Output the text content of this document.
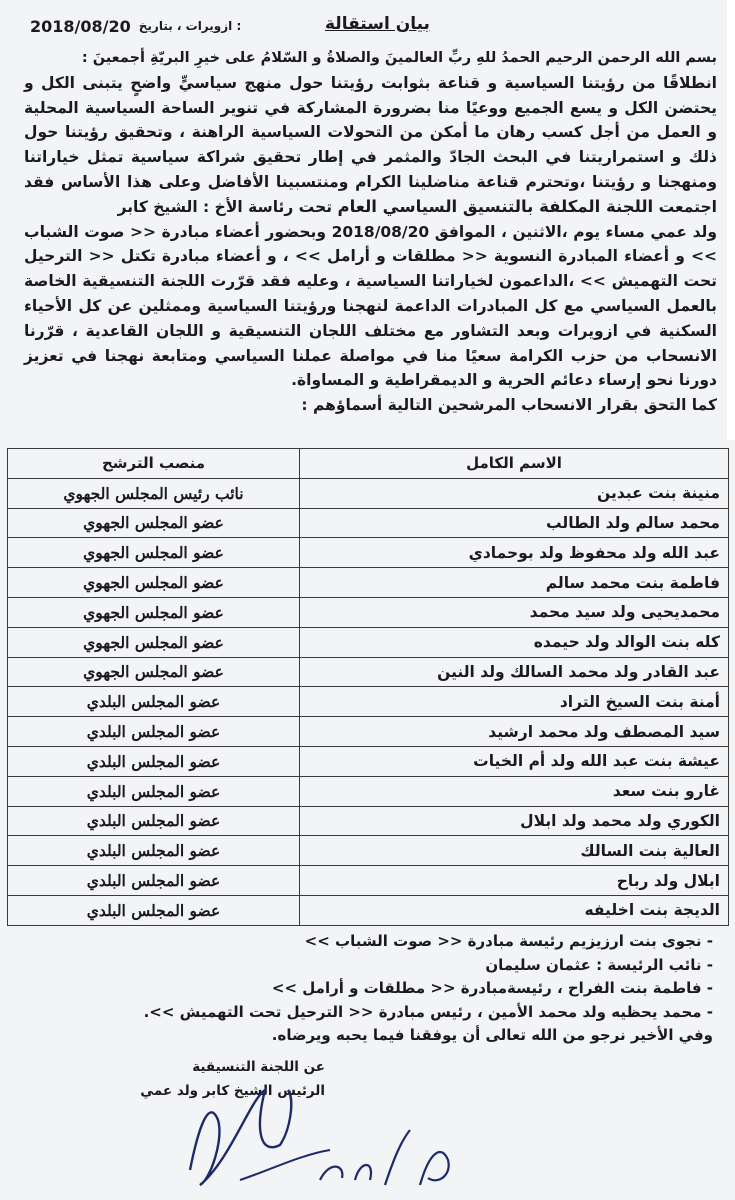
2018/08/20 ازويرات ، بتاريخ :	بيان استقالة

بسم الله الرحمن الرحيم الحمدُ للهِ ربِّ العالمينَ والصلاةُ و السّلامُ على خيرِ البريّةِ أجمعينَ :

انطلاقًا من رؤيتنا السياسية و قناعة بثوابت رؤيتنا حول منهج سياسيٍّ واضحٍ يتبنى الكل و يحتضن الكل و يسع الجميع ووعيًا منا بضرورة المشاركة في تنوير الساحة السياسية المحلية و العمل من أجل كسب رهان ما أمكن من التحولات السياسية الراهنة ، وتحقيق رؤيتنا حول ذلك و استمراريتنا في البحث الجادّ والمثمر في إطار تحقيق شراكة سياسية تمثل خياراتنا ومنهجنا و رؤيتنا ،وتحترم قناعة مناضلينا الكرام ومنتسبينا الأفاضل وعلى هذا الأساس فقد اجتمعت اللجنة المكلفة بالتنسيق السياسي العام تحت رئاسة الأخ : الشيخ كابر

ولد عمي مساء يوم ،الاثنين ، الموافق 2018/08/20 وبحضور أعضاء مبادرة << صوت الشباب >> و أعضاء المبادرة النسوية << مطلقات و أرامل >> ، و أعضاء مبادرة تكتل << الترحيل تحت التهميش >> ،الداعمون لخياراتنا السياسية ، وعليه فقد قرّرت اللجنة التنسيقية الخاصة بالعمل السياسي مع كل المبادرات الداعمة لنهجنا ورؤيتنا السياسية وممثلين عن كل الأحياء السكنية في ازويرات وبعد التشاور مع مختلف اللجان التنسيقية و اللجان القاعدية ، قرّرنا الانسحاب من حزب الكرامة سعيًا منا في مواصلة عملنا السياسي ومتابعة نهجنا في تعزيز دورنا نحو إرساء دعائم الحرية و الديمقراطية و المساواة.

كما التحق بقرار الانسحاب المرشحين التالية أسماؤهم :

الاسم الكامل	منصب الترشح
منينة بنت عبدين	نائب رئيس المجلس الجهوي
محمد سالم ولد الطالب	عضو المجلس الجهوي
عبد الله ولد محفوظ ولد بوحمادي	عضو المجلس الجهوي
فاطمة بنت محمد سالم	عضو المجلس الجهوي
محمديحيى ولد سيد محمد	عضو المجلس الجهوي
كله بنت الوالد ولد حيمده	عضو المجلس الجهوي
عبد القادر ولد محمد السالك ولد النين	عضو المجلس الجهوي
أمنة بنت السيخ التراد	عضو المجلس البلدي
سيد المصطف ولد محمد ارشيد	عضو المجلس البلدي
عيشة بنت عبد الله ولد أم الخيات	عضو المجلس البلدي
غارو بنت سعد	عضو المجلس البلدي
الكوري ولد محمد ولد ابلال	عضو المجلس البلدي
العالية بنت السالك	عضو المجلس البلدي
ابلال ولد رباح	عضو المجلس البلدي
الديجة بنت اخليفه	عضو المجلس البلدي

- نجوى بنت ارزيزيم رئيسة مبادرة << صوت الشباب >>

- نائب الرئيسة : عثمان سليمان

- فاطمة بنت الفراح ، رئيسةمبادرة << مطلقات و أرامل >>

- محمد يحظيه ولد محمد الأمين ، رئيس مبادرة << الترحيل تحت التهميش >>.

وفي الأخير نرجو من الله تعالى أن يوفقنا فيما يحبه ويرضاه.

عن اللجنة التنسيقية
الرئيس الشيخ كابر ولد عمي
